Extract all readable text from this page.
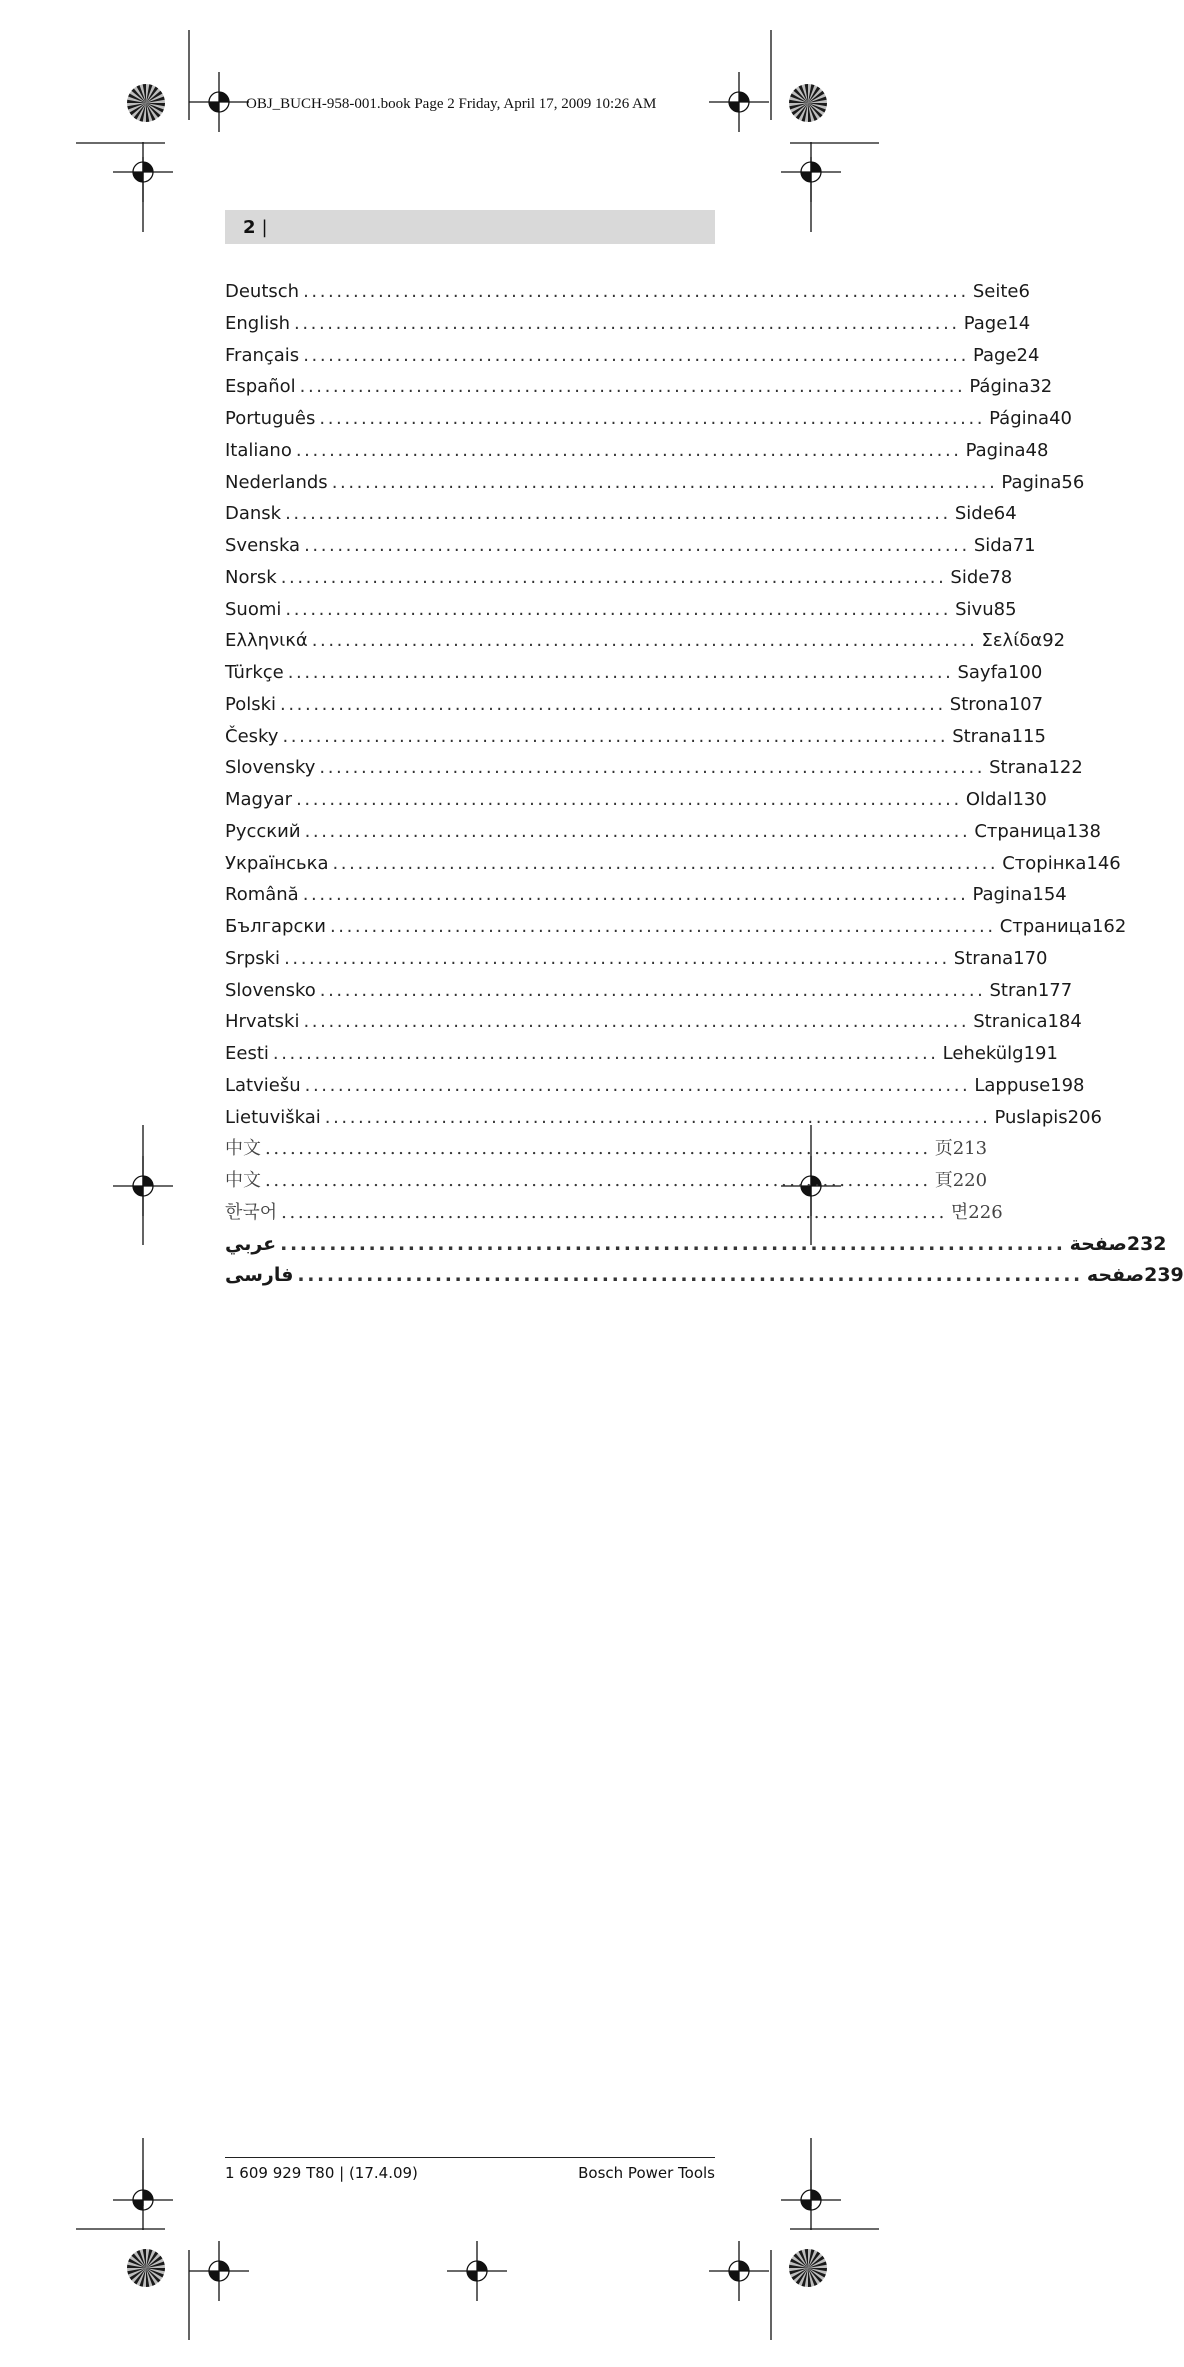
OBJ_BUCH-958-001.book Page 2 Friday, April 17, 2009 10:26 AM
2 |
Deutsch ................................................................................ Seite 6
English ................................................................................ Page 14
Français ................................................................................ Page 24
Español ................................................................................ Página 32
Português ................................................................................ Página 40
Italiano ................................................................................ Pagina 48
Nederlands ................................................................................ Pagina 56
Dansk ................................................................................ Side 64
Svenska ................................................................................ Sida 71
Norsk ................................................................................ Side 78
Suomi ................................................................................ Sivu 85
Ελληνικά ................................................................................ Σελίδα 92
Türkçe ................................................................................ Sayfa 100
Polski ................................................................................ Strona 107
Česky ................................................................................ Strana 115
Slovensky ................................................................................ Strana 122
Magyar ................................................................................ Oldal 130
Русский ................................................................................ Страница 138
Українська ................................................................................ Сторінка 146
Română ................................................................................ Pagina 154
Български ................................................................................ Страница 162
Srpski ................................................................................ Strana 170
Slovensko ................................................................................ Stran 177
Hrvatski ................................................................................ Stranica 184
Eesti ................................................................................ Lehekülg 191
Latviešu ................................................................................ Lappuse 198
Lietuviškai ................................................................................ Puslapis 206
中文 ................................................................................ 页 213
中文 ................................................................................ 頁 220
한국어 ................................................................................ 면 226
عربي ................................................................................ صفحة 232
فارسی ................................................................................ صفحه 239
1 609 929 T80 | (17.4.09)	Bosch Power Tools
